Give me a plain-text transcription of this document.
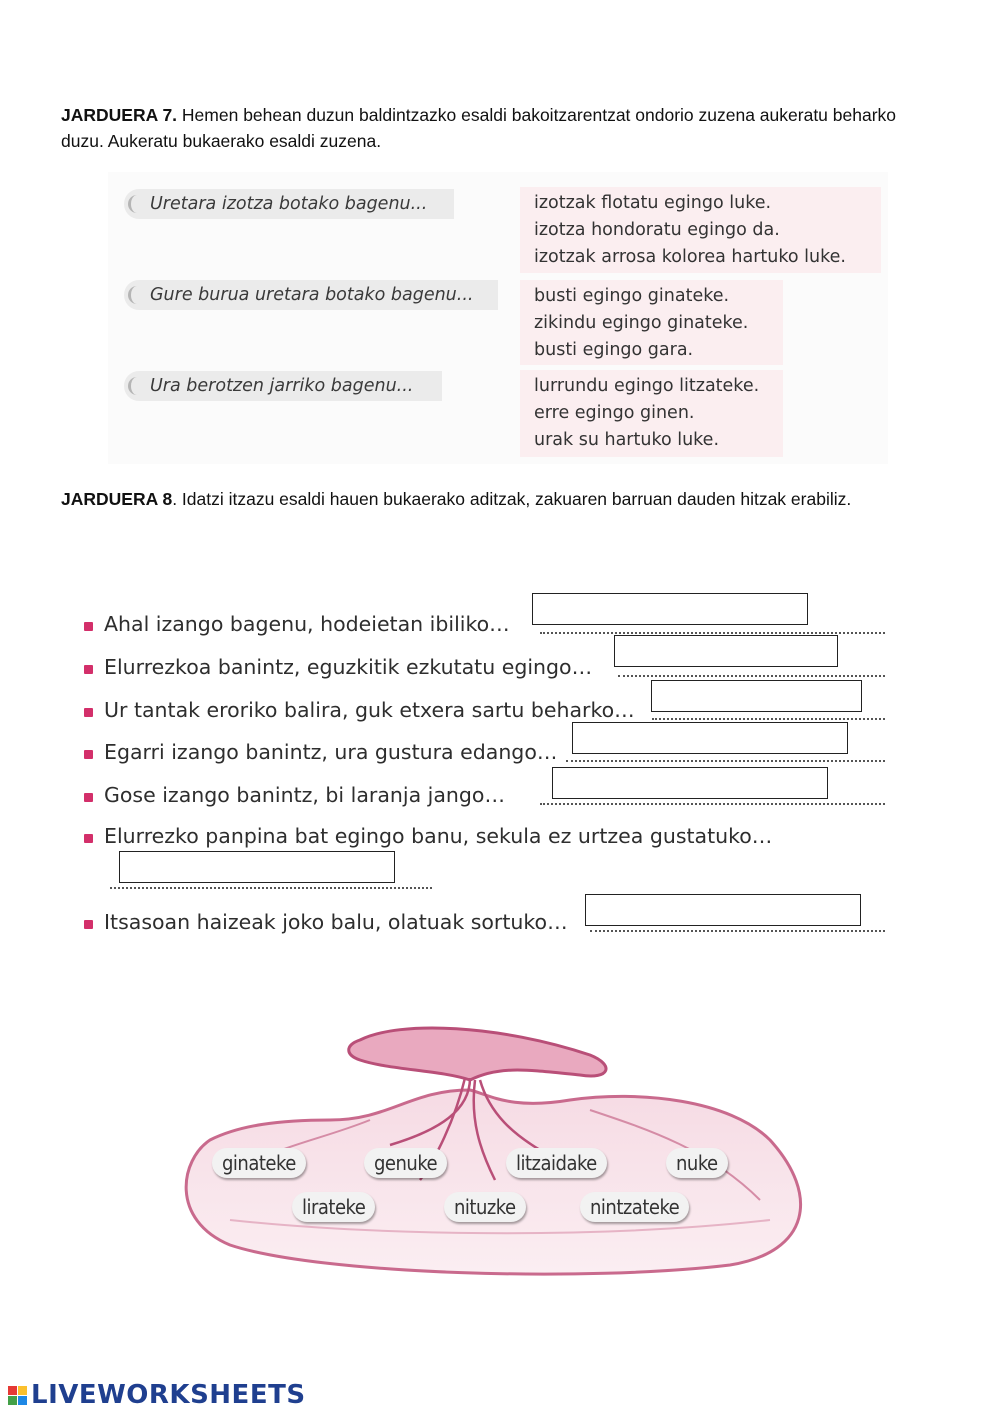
JARDUERA 7. Hemen behean duzun baldintzazko esaldi bakoitzarentzat ondorio zuzena aukeratu beharko duzu. Aukeratu bukaerako esaldi zuzena.
Uretara izotza botako bagenu...	izotzak flotatu egingo luke.
izotza hondoratu egingo da.
izotzak arrosa kolorea hartuko luke.
Gure burua uretara botako bagenu...	busti egingo ginateke.
zikindu egingo ginateke.
busti egingo gara.
Ura berotzen jarriko bagenu...	lurrundu egingo litzateke.
erre egingo ginen.
urak su hartuko luke.
JARDUERA 8. Idatzi itzazu esaldi hauen bukaerako aditzak, zakuaren barruan dauden hitzak erabiliz.
Ahal izango bagenu, hodeietan ibiliko…
Elurrezkoa banintz, eguzkitik ezkutatu egingo…
Ur tantak eroriko balira, guk etxera sartu beharko…
Egarri izango banintz, ura gustura edango…
Gose izango banintz, bi laranja jango…
Elurrezko panpina bat egingo banu, sekula ez urtzea gustatuko…
Itsasoan haizeak joko balu, olatuak sortuko…
ginateke	genuke	litzaidake	nuke
lirateke	nituzke	nintzateke
LIVEWORKSHEETS
